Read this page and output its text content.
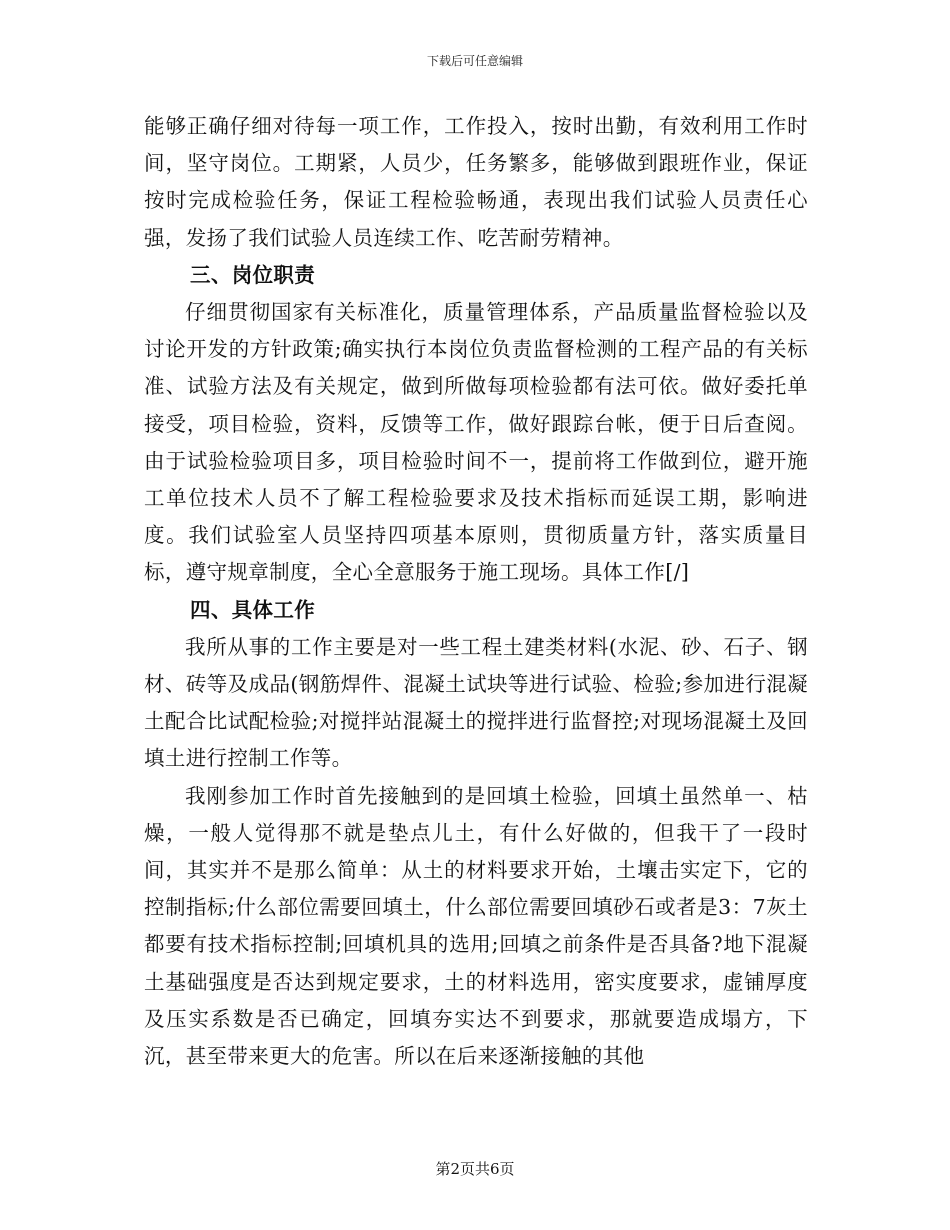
下载后可任意编辑

能够正确仔细对待每一项工作，工作投入，按时出勤，有效利用工作时间，坚守岗位。工期紧，人员少，任务繁多，能够做到跟班作业，保证按时完成检验任务，保证工程检验畅通，表现出我们试验人员责任心强，发扬了我们试验人员连续工作、吃苦耐劳精神。

三、岗位职责

仔细贯彻国家有关标准化，质量管理体系，产品质量监督检验以及讨论开发的方针政策;确实执行本岗位负责监督检测的工程产品的有关标准、试验方法及有关规定，做到所做每项检验都有法可依。做好委托单接受，项目检验，资料，反馈等工作，做好跟踪台帐，便于日后查阅。由于试验检验项目多，项目检验时间不一，提前将工作做到位，避开施工单位技术人员不了解工程检验要求及技术指标而延误工期，影响进度。我们试验室人员坚持四项基本原则，贯彻质量方针，落实质量目标，遵守规章制度，全心全意服务于施工现场。具体工作[/]

四、具体工作

我所从事的工作主要是对一些工程土建类材料(水泥、砂、石子、钢材、砖等及成品(钢筋焊件、混凝土试块等进行试验、检验;参加进行混凝土配合比试配检验;对搅拌站混凝土的搅拌进行监督控;对现场混凝土及回填土进行控制工作等。

我刚参加工作时首先接触到的是回填土检验，回填土虽然单一、枯燥，一般人觉得那不就是垫点儿土，有什么好做的，但我干了一段时间，其实并不是那么简单：从土的材料要求开始，土壤击实定下，它的控制指标;什么部位需要回填土，什么部位需要回填砂石或者是3：7灰土都要有技术指标控制;回填机具的选用;回填之前条件是否具备?地下混凝土基础强度是否达到规定要求，土的材料选用，密实度要求，虚铺厚度及压实系数是否已确定，回填夯实达不到要求，那就要造成塌方，下沉，甚至带来更大的危害。所以在后来逐渐接触的其他

第2页共6页
